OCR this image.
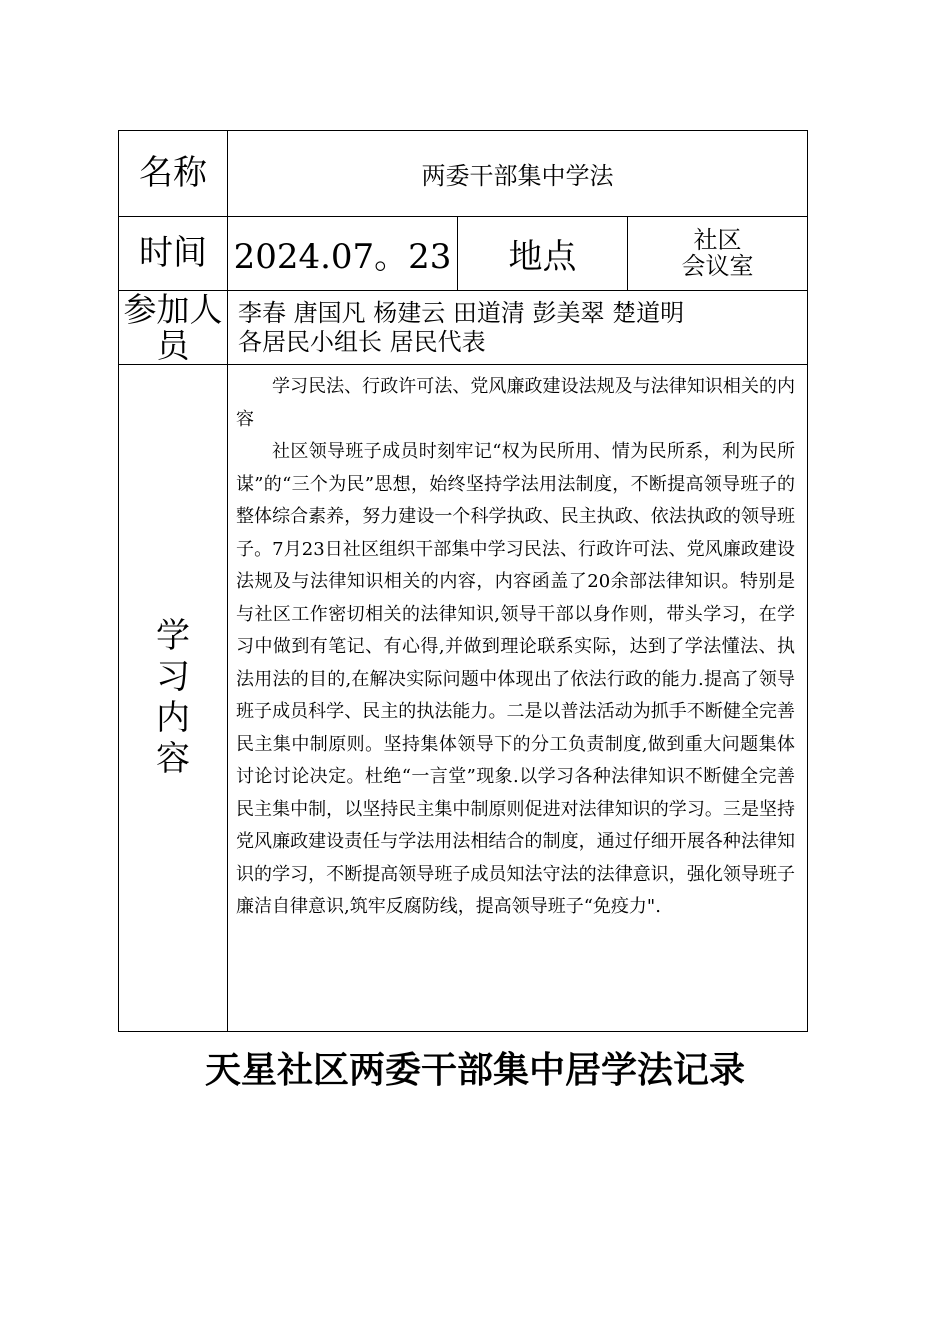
名称	两委干部集中学法		
时间	2024.07。23	地点	社区
会议室

参加人员	李春 唐国凡 杨建云 田道清 彭美翠 楚道明
各居民小组长 居民代表		

学习内容	学习民法、行政许可法、党风廉政建设法规及与法律知识相关的内容

社区领导班子成员时刻牢记“权为民所用、情为民所系，利为民所谋”的“三个为民”思想，始终坚持学法用法制度，不断提高领导班子的整体综合素养，努力建设一个科学执政、民主执政、依法执政的领导班子。7月23日社区组织干部集中学习民法、行政许可法、党风廉政建设法规及与法律知识相关的内容，内容函盖了20余部法律知识。特别是与社区工作密切相关的法律知识,领导干部以身作则，带头学习，在学习中做到有笔记、有心得,并做到理论联系实际，达到了学法懂法、执法用法的目的,在解决实际问题中体现出了依法行政的能力.提高了领导班子成员科学、民主的执法能力。二是以普法活动为抓手不断健全完善民主集中制原则。坚持集体领导下的分工负责制度,做到重大问题集体讨论讨论决定。杜绝“一言堂”现象.以学习各种法律知识不断健全完善民主集中制，以坚持民主集中制原则促进对法律知识的学习。三是坚持党风廉政建设责任与学法用法相结合的制度，通过仔细开展各种法律知识的学习，不断提高领导班子成员知法守法的法律意识，强化领导班子廉洁自律意识,筑牢反腐防线，提高领导班子“免疫力".		

天星社区两委干部集中居学法记录
